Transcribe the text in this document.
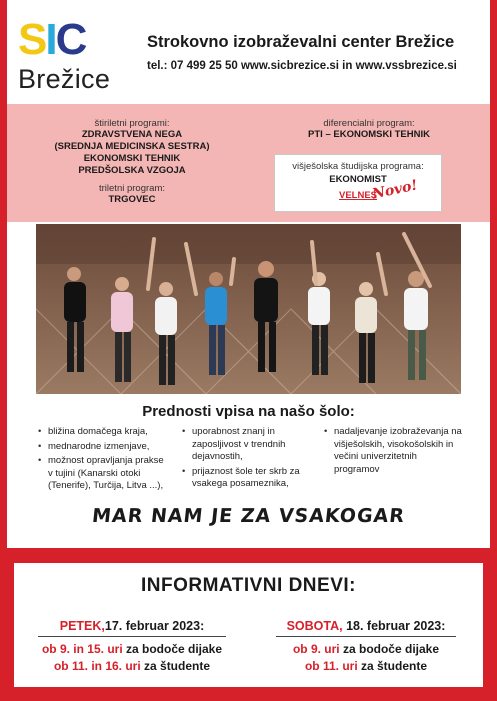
SIC
Brežice
Strokovno izobraževalni center Brežice
tel.: 07 499 25 50 www.sicbrezice.si in www.vssbrezice.si
štiriletni programi:
ZDRAVSTVENA NEGA
(SREDNJA MEDICINSKA SESTRA)
EKONOMSKI TEHNIK
PREDŠOLSKA VZGOJA
triletni program:
TRGOVEC
diferencialni program:
PTI – EKONOMSKI TEHNIK
višješolska študijska programa:
EKONOMIST
VELNES
Novo!
Prednosti vpisa na našo šolo:
• bližina domačega kraja,
• mednarodne izmenjave,
• možnost opravljanja prakse v tujini (Kanarski otoki (Tenerife), Turčija, Litva ...),
• uporabnost znanj in zaposljivost v trendnih dejavnostih,
• prijaznost šole ter skrb za vsakega posameznika,
• nadaljevanje izobraževanja na višješolskih, visokošolskih in večini univerzitetnih programov
MAR NAM JE ZA VSAKOGAR
INFORMATIVNI DNEVI:
PETEK,17. februar 2023:
ob 9. in 15. uri za bodoče dijake
ob 11. in 16. uri za študente
SOBOTA, 18. februar 2023:
ob 9. uri za bodoče dijake
ob 11. uri za študente
